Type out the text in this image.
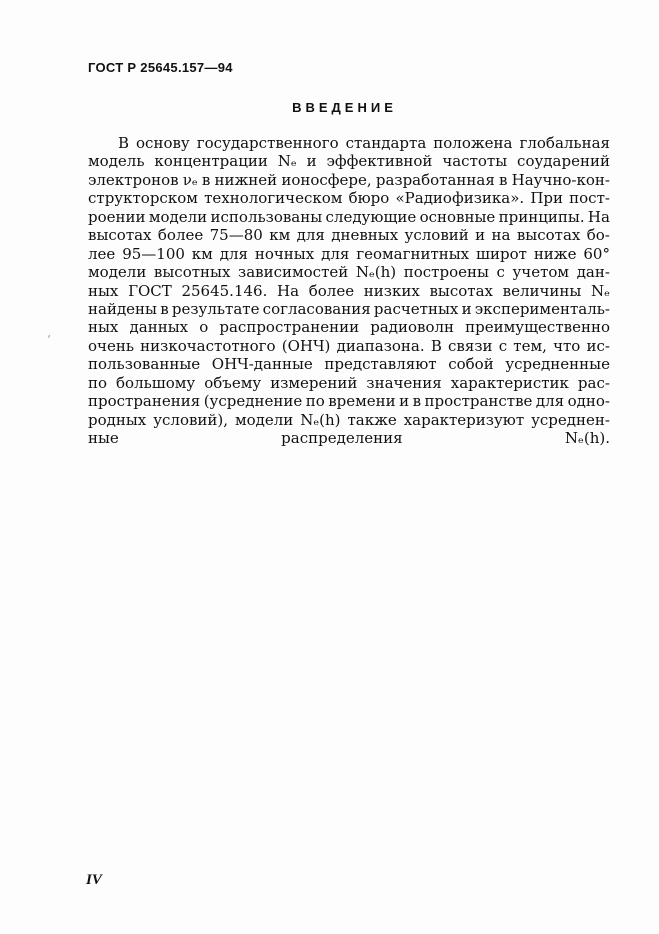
ГОСТ Р 25645.157—94
ВВЕДЕНИЕ
В основу государственного стандарта положена глобальная
модель концентрации Nₑ и эффективной частоты соударений
электронов νₑ в нижней ионосфере, разработанная в Научно-кон-
структорском технологическом бюро «Радиофизика». При пост-
роении модели использованы следующие основные принципы. На
высотах более 75—80 км для дневных условий и на высотах бо-
лее 95—100 км для ночных для геомагнитных широт ниже 60°
модели высотных зависимостей Nₑ(h) построены с учетом дан-
ных ГОСТ 25645.146. На более низких высотах величины Nₑ
найдены в результате согласования расчетных и эксперименталь-
ных данных о распространении радиоволн преимущественно
очень низкочастотного (ОНЧ) диапазона. В связи с тем, что ис-
пользованные ОНЧ-данные представляют собой усредненные
по большому объему измерений значения характеристик рас-
пространения (усреднение по времени и в пространстве для одно-
родных условий), модели Nₑ(h) также характеризуют усреднен-
ные распределения Nₑ(h).
ˊ
IV
